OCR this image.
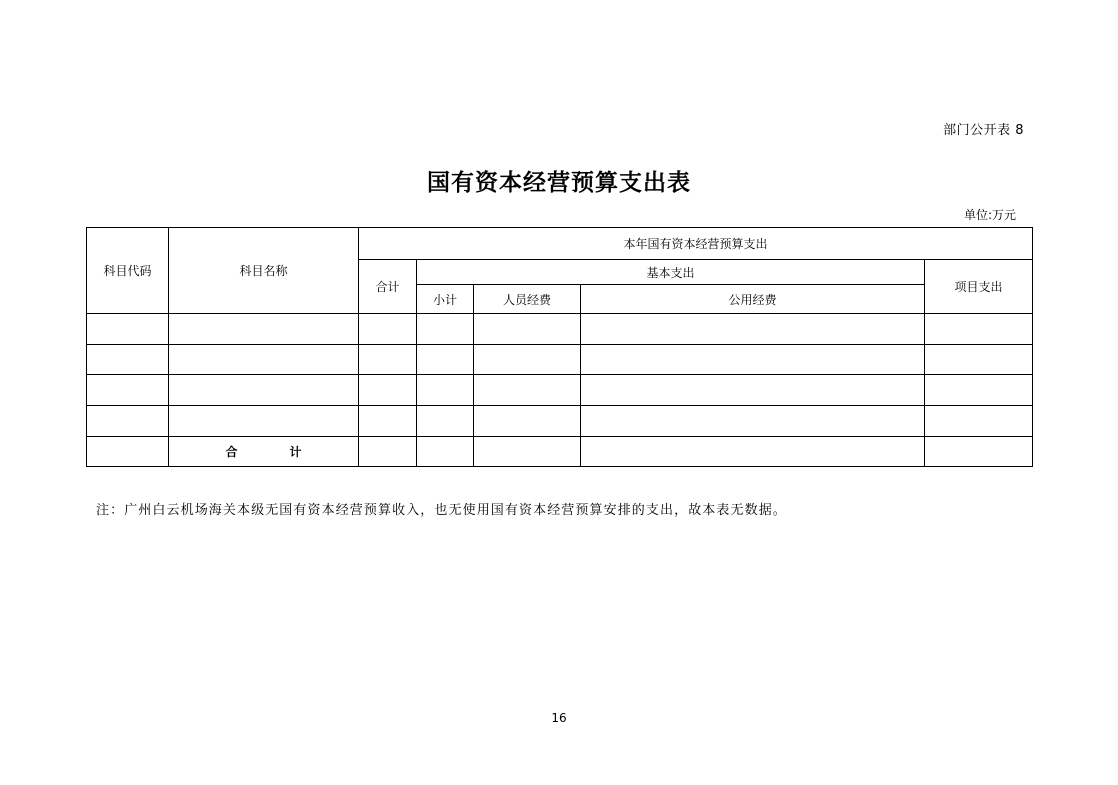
部门公开表 8
国有资本经营预算支出表
单位:万元
科目代码	科目名称	本年国有资本经营预算支出				
		合计	基本支出			项目支出
			小计	人员经费	公用经费	

	合 计					
注：广州白云机场海关本级无国有资本经营预算收入，也无使用国有资本经营预算安排的支出，故本表无数据。
16
